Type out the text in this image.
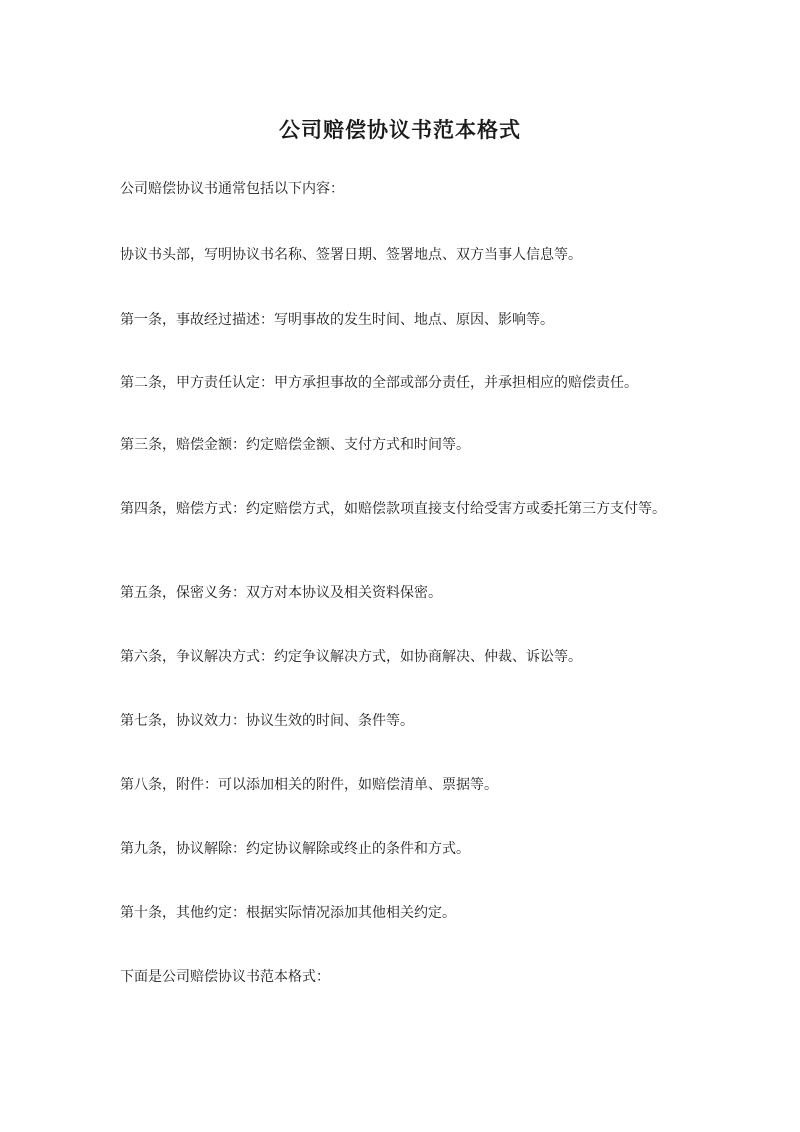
公司赔偿协议书范本格式

公司赔偿协议书通常包括以下内容：

协议书头部，写明协议书名称、签署日期、签署地点、双方当事人信息等。

第一条，事故经过描述：写明事故的发生时间、地点、原因、影响等。

第二条，甲方责任认定：甲方承担事故的全部或部分责任，并承担相应的赔偿责任。

第三条，赔偿金额：约定赔偿金额、支付方式和时间等。

第四条，赔偿方式：约定赔偿方式，如赔偿款项直接支付给受害方或委托第三方支付等。

第五条，保密义务：双方对本协议及相关资料保密。

第六条，争议解决方式：约定争议解决方式，如协商解决、仲裁、诉讼等。

第七条，协议效力：协议生效的时间、条件等。

第八条，附件：可以添加相关的附件，如赔偿清单、票据等。

第九条，协议解除：约定协议解除或终止的条件和方式。

第十条，其他约定：根据实际情况添加其他相关约定。

下面是公司赔偿协议书范本格式：
